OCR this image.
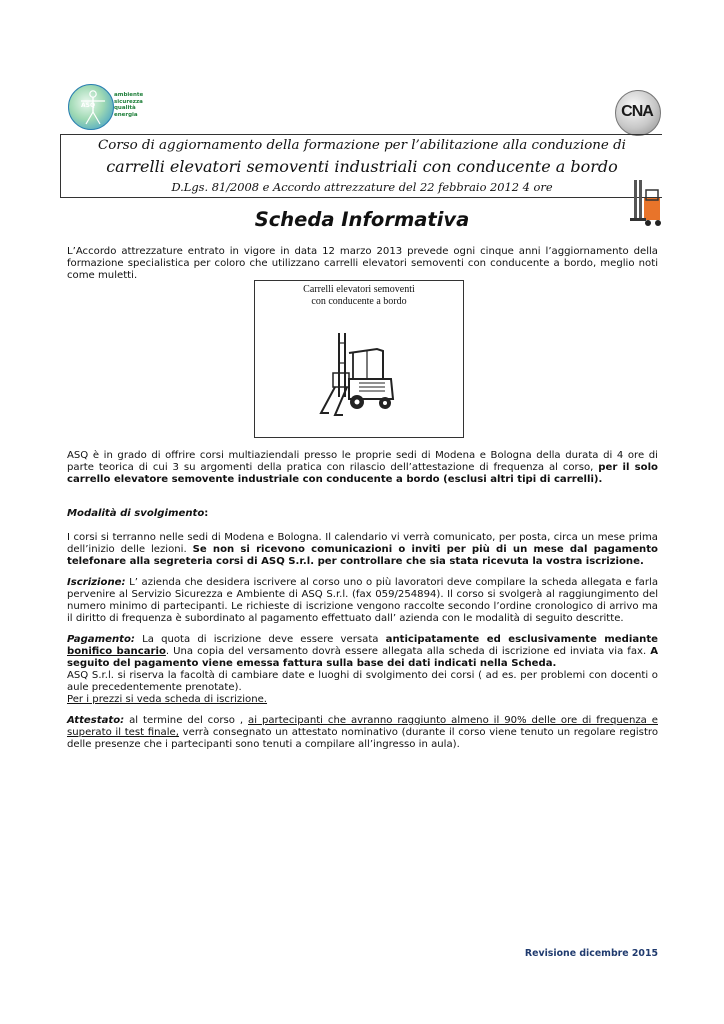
ASQ
ambiente
sicurezza
qualità
energia	CNA
Corso di aggiornamento della formazione per l’abilitazione alla conduzione di
carrelli elevatori semoventi industriali con conducente a bordo
D.Lgs. 81/2008 e Accordo attrezzature del 22 febbraio 2012 4 ore
Scheda Informativa
L’Accordo attrezzature entrato in vigore in data 12 marzo 2013 prevede ogni cinque anni l’aggiornamento della formazione specialistica per coloro che utilizzano carrelli elevatori semoventi con conducente a bordo, meglio noti come muletti.
Carrelli elevatori semoventi
con conducente a bordo
ASQ è in grado di offrire corsi multiaziendali presso le proprie sedi di Modena e Bologna della durata di 4 ore di parte teorica di cui 3 su argomenti della pratica con rilascio dell’attestazione di frequenza al corso, per il solo carrello elevatore semovente industriale con conducente a bordo (esclusi altri tipi di carrelli).
Modalità di svolgimento:
I corsi si terranno nelle sedi di Modena e Bologna. Il calendario vi verrà comunicato, per posta, circa un mese prima dell’inizio delle lezioni. Se non si ricevono comunicazioni o inviti per più di un mese dal pagamento telefonare alla segreteria corsi di ASQ S.r.l. per controllare che sia stata ricevuta la vostra iscrizione.
Iscrizione: L’ azienda che desidera iscrivere al corso uno o più lavoratori deve compilare la scheda allegata e farla pervenire al Servizio Sicurezza e Ambiente di ASQ S.r.l. (fax 059/254894). Il corso si svolgerà al raggiungimento del numero minimo di partecipanti. Le richieste di iscrizione vengono raccolte secondo l’ordine cronologico di arrivo ma il diritto di frequenza è subordinato al pagamento effettuato dall’ azienda con le modalità di seguito descritte.
Pagamento: La quota di iscrizione deve essere versata anticipatamente ed esclusivamente mediante bonifico bancario. Una copia del versamento dovrà essere allegata alla scheda di iscrizione ed inviata via fax. A seguito del pagamento viene emessa fattura sulla base dei dati indicati nella Scheda.
ASQ S.r.l. si riserva la facoltà di cambiare date e luoghi di svolgimento dei corsi ( ad es. per problemi con docenti o aule precedentemente prenotate).
Per i prezzi si veda scheda di iscrizione.
Attestato: al termine del corso , ai partecipanti che avranno raggiunto almeno il 90% delle ore di frequenza e superato il test finale, verrà consegnato un attestato nominativo (durante il corso viene tenuto un regolare registro delle presenze che i partecipanti sono tenuti a compilare all’ingresso in aula).
Revisione dicembre 2015
